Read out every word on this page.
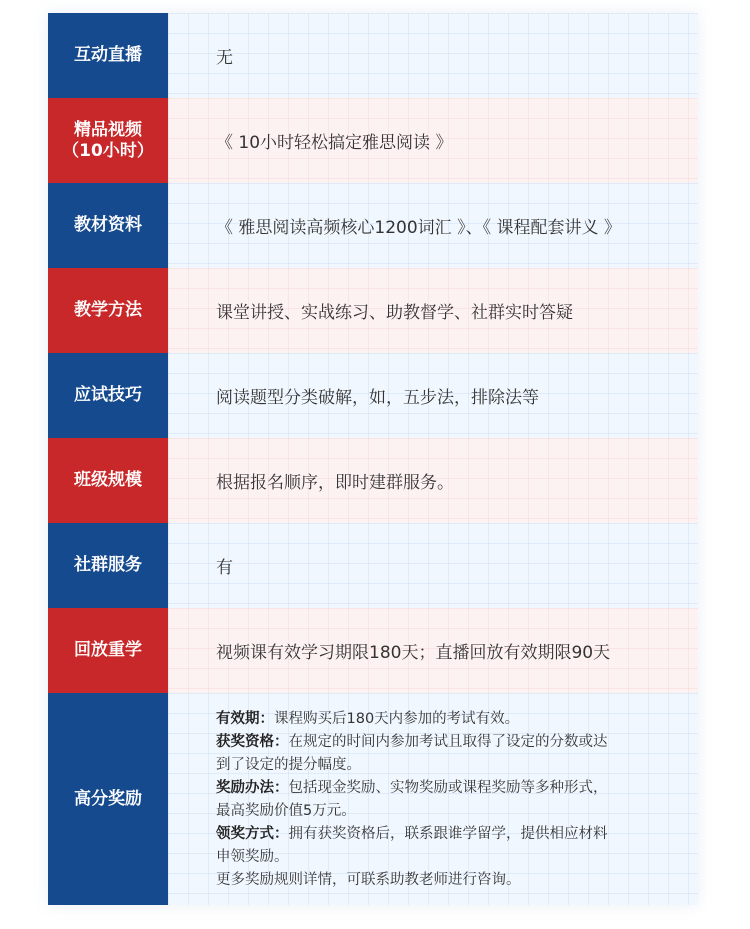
互动直播	无
精品视频
（10小时）	《 10小时轻松搞定雅思阅读 》
教材资料	《 雅思阅读高频核心1200词汇 》、《 课程配套讲义 》
教学方法	课堂讲授、实战练习、助教督学、社群实时答疑
应试技巧	阅读题型分类破解，如，五步法，排除法等
班级规模	根据报名顺序，即时建群服务。
社群服务	有
回放重学	视频课有效学习期限180天；直播回放有效期限90天
高分奖励
有效期：课程购买后180天内参加的考试有效。
获奖资格：在规定的时间内参加考试且取得了设定的分数或达
到了设定的提分幅度。
奖励办法：包括现金奖励、实物奖励或课程奖励等多种形式，
最高奖励价值5万元。
领奖方式：拥有获奖资格后，联系跟谁学留学，提供相应材料
申领奖励。
更多奖励规则详情，可联系助教老师进行咨询。
